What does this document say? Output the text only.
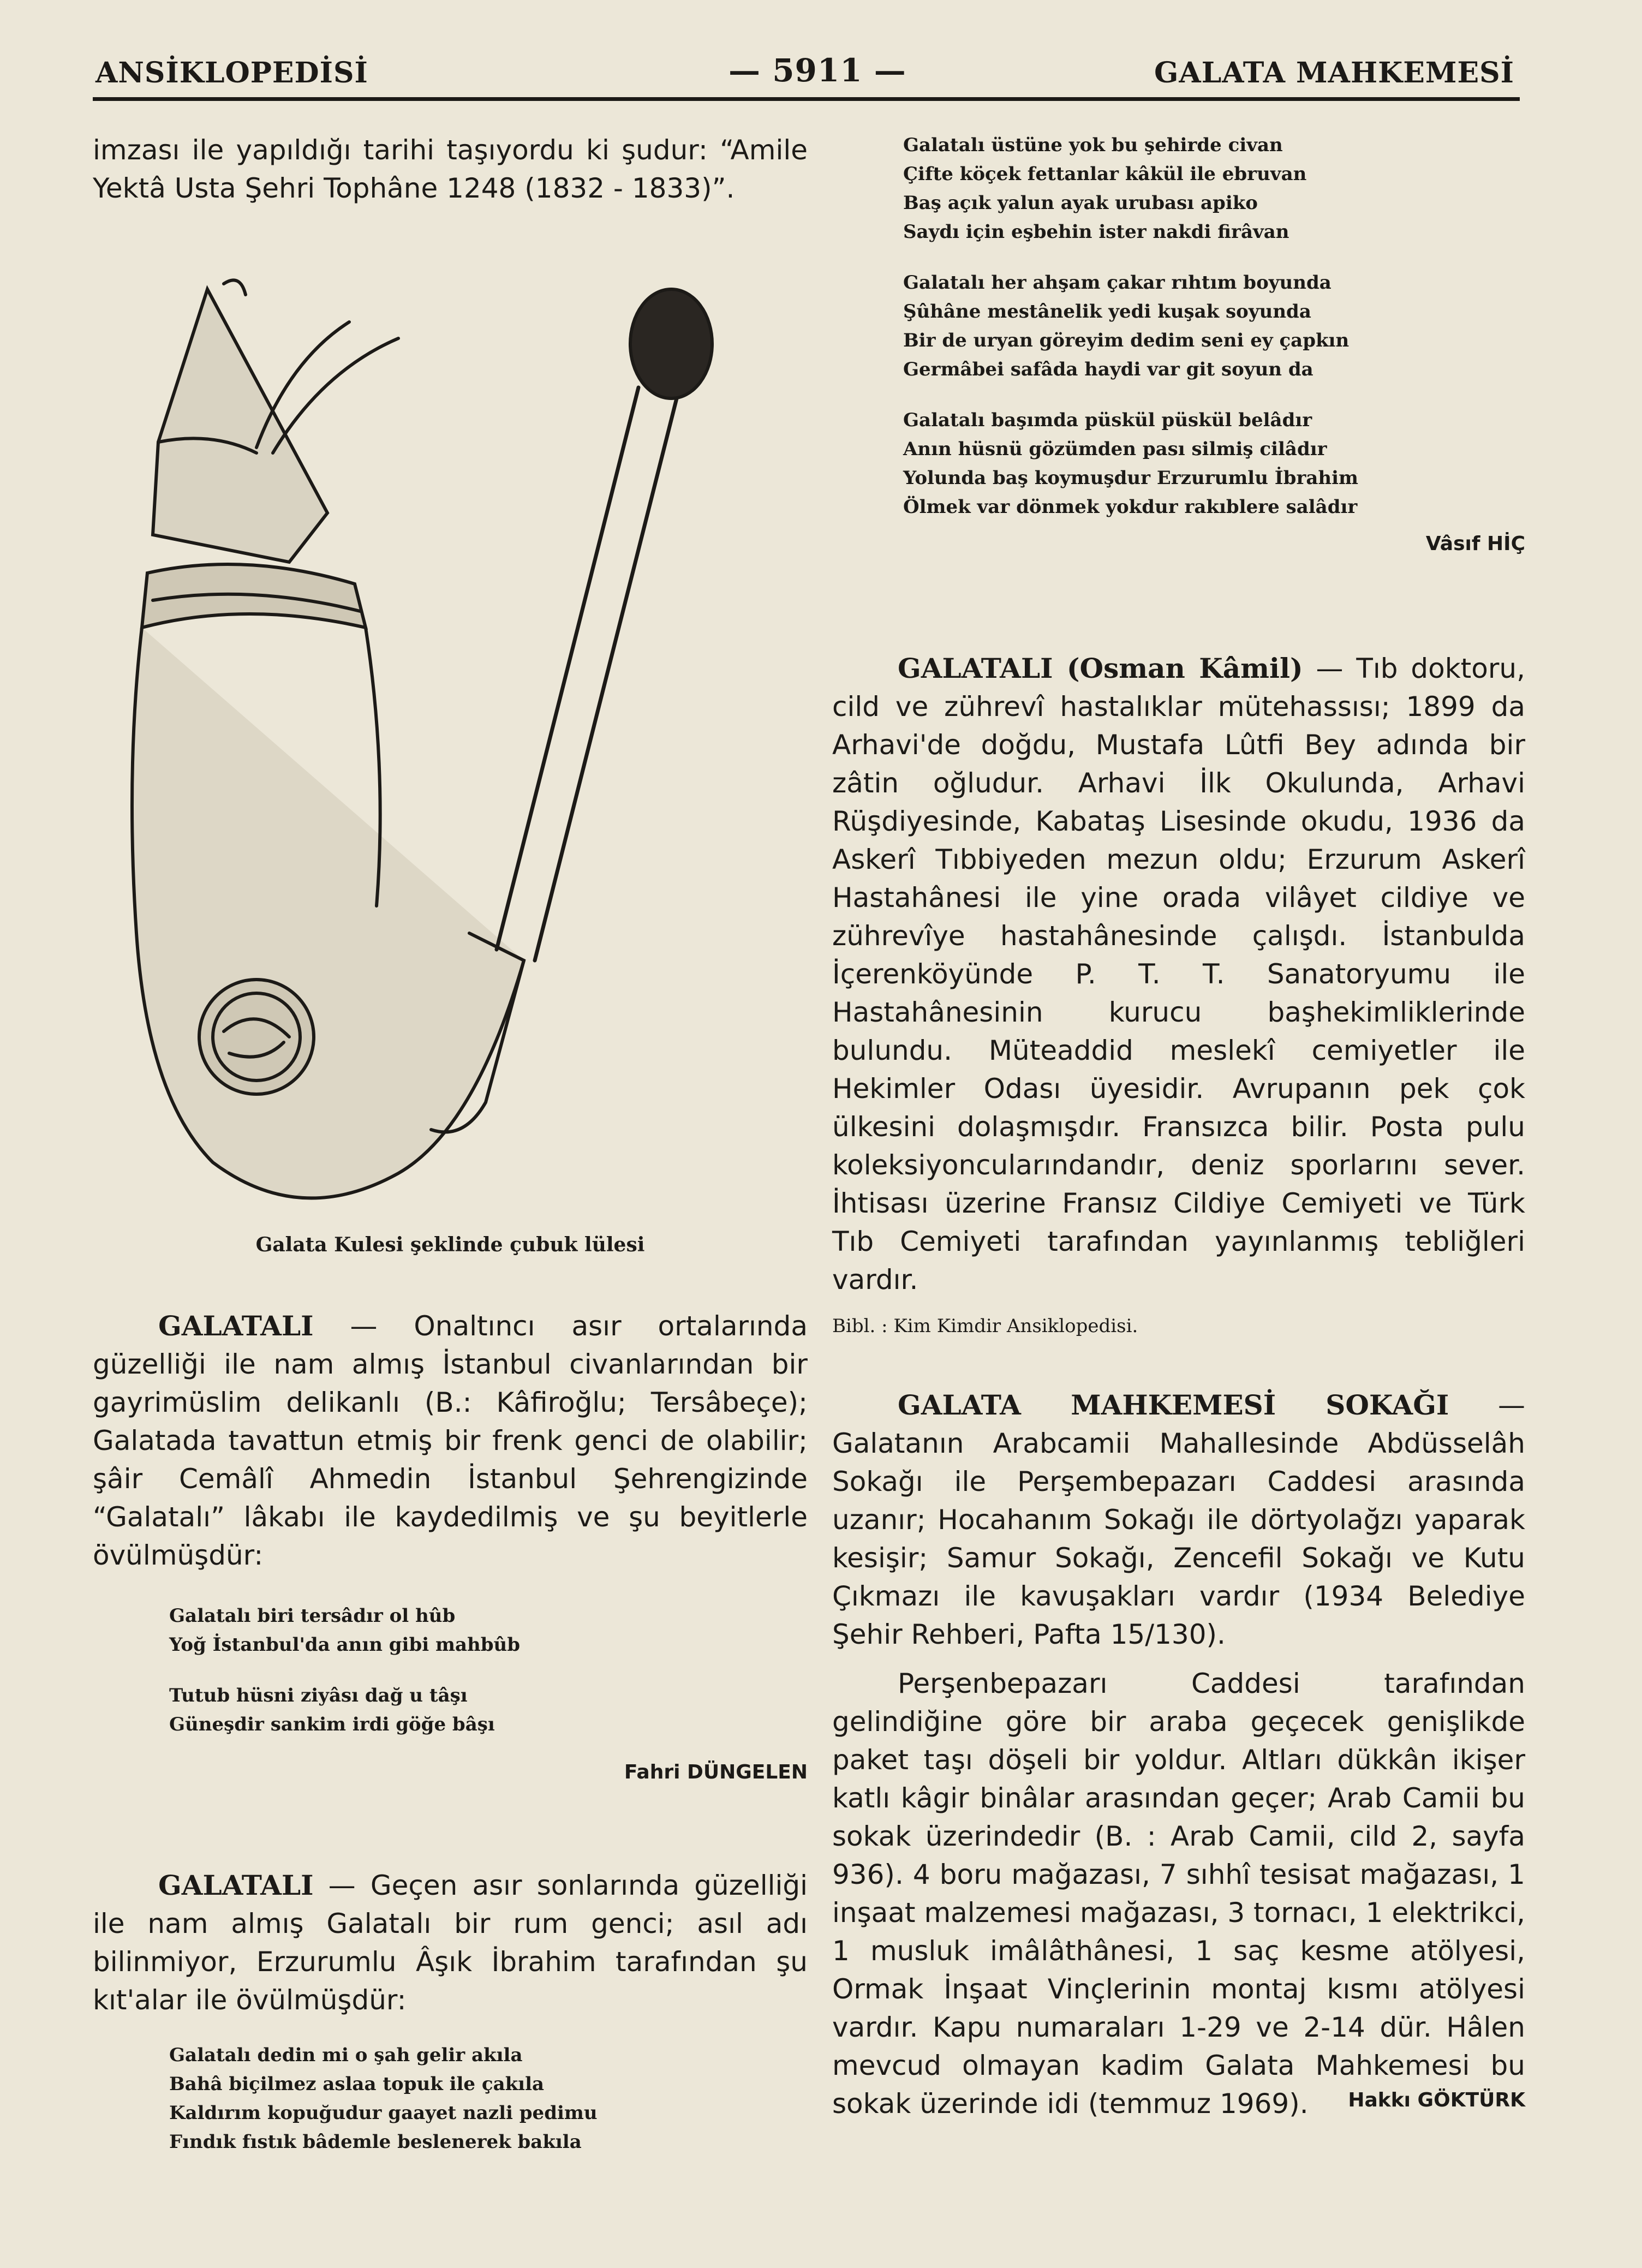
ANSİKLOPEDİSİ	— 5911 —	GALATA MAHKEMESİ

imzası ile yapıldığı tarihi taşıyordu ki şudur: “Amile Yektâ Usta Şehri Tophâne 1248 (1832 - 1833)”.

Galata Kulesi şeklinde çubuk lülesi

GALATALI — Onaltıncı asır ortalarında güzelliği ile nam almış İstanbul civanlarından bir gayrimüslim delikanlı (B.: Kâfiroğlu; Tersâbeçe); Galatada tavattun etmiş bir frenk genci de olabilir; şâir Cemâlî Ahmedin İstanbul Şehrengizinde “Galatalı” lâkabı ile kaydedilmiş ve şu beyitlerle övülmüşdür:

Galatalı biri tersâdır ol hûb
Yoğ İstanbul'da anın gibi mahbûb
Tutub hüsni ziyâsı dağ u tâşı
Güneşdir sankim irdi göğe bâşı
Fahri DÜNGELEN

GALATALI — Geçen asır sonlarında güzelliği ile nam almış Galatalı bir rum genci; asıl adı bilinmiyor, Erzurumlu Âşık İbrahim tarafından şu kıt'alar ile övülmüşdür:

Galatalı dedin mi o şah gelir akıla
Bahâ biçilmez aslaa topuk ile çakıla
Kaldırım kopuğudur gaayet nazli pedimu
Fındık fıstık bâdemle beslenerek bakıla
Galatalı üstüne yok bu şehirde civan
Çifte köçek fettanlar kâkül ile ebruvan
Baş açık yalun ayak urubası apiko
Saydı için eşbehin ister nakdi firâvan
Galatalı her ahşam çakar rıhtım boyunda
Şûhâne mestânelik yedi kuşak soyunda
Bir de uryan göreyim dedim seni ey çapkın
Germâbei safâda haydi var git soyun da
Galatalı başımda püskül püskül belâdır
Anın hüsnü gözümden pası silmiş cilâdır
Yolunda baş koymuşdur Erzurumlu İbrahim
Ölmek var dönmek yokdur rakıblere salâdır
Vâsıf HİÇ

GALATALI (Osman Kâmil) — Tıb doktoru, cild ve zührevî hastalıklar mütehassısı; 1899 da Arhavi'de doğdu, Mustafa Lûtfi Bey adında bir zâtin oğludur. Arhavi İlk Okulunda, Arhavi Rüşdiyesinde, Kabataş Lisesinde okudu, 1936 da Askerî Tıbbiyeden mezun oldu; Erzurum Askerî Hastahânesi ile yine orada vilâyet cildiye ve zührevîye hastahânesinde çalışdı. İstanbulda İçerenköyünde P. T. T. Sanatoryumu ile Hastahânesinin kurucu başhekimliklerinde bulundu. Müteaddid meslekî cemiyetler ile Hekimler Odası üyesidir. Avrupanın pek çok ülkesini dolaşmışdır. Fransızca bilir. Posta pulu koleksiyoncularındandır, deniz sporlarını sever. İhtisası üzerine Fransız Cildiye Cemiyeti ve Türk Tıb Cemiyeti tarafından yayınlanmış tebliğleri vardır.

Bibl. : Kim Kimdir Ansiklopedisi.

GALATA MAHKEMESİ SOKAĞI — Galatanın Arabcamii Mahallesinde Abdüsselâh Sokağı ile Perşembepazarı Caddesi arasında uzanır; Hocahanım Sokağı ile dörtyolağzı yaparak kesişir; Samur Sokağı, Zencefil Sokağı ve Kutu Çıkmazı ile kavuşakları vardır (1934 Belediye Şehir Rehberi, Pafta 15/130).

Perşenbepazarı Caddesi tarafından gelindiğine göre bir araba geçecek genişlikde paket taşı döşeli bir yoldur. Altları dükkân ikişer katlı kâgir binâlar arasından geçer; Arab Camii bu sokak üzerindedir (B. : Arab Camii, cild 2, sayfa 936). 4 boru mağazası, 7 sıhhî tesisat mağazası, 1 inşaat malzemesi mağazası, 3 tornacı, 1 elektrikci, 1 musluk imâlâthânesi, 1 saç kesme atölyesi, Ormak İnşaat Vinçlerinin montaj kısmı atölyesi vardır. Kapu numaraları 1-29 ve 2-14 dür. Hâlen mevcud olmayan kadim Galata Mahkemesi bu sokak üzerinde idi (temmuz 1969).	Hakkı GÖKTÜRK
